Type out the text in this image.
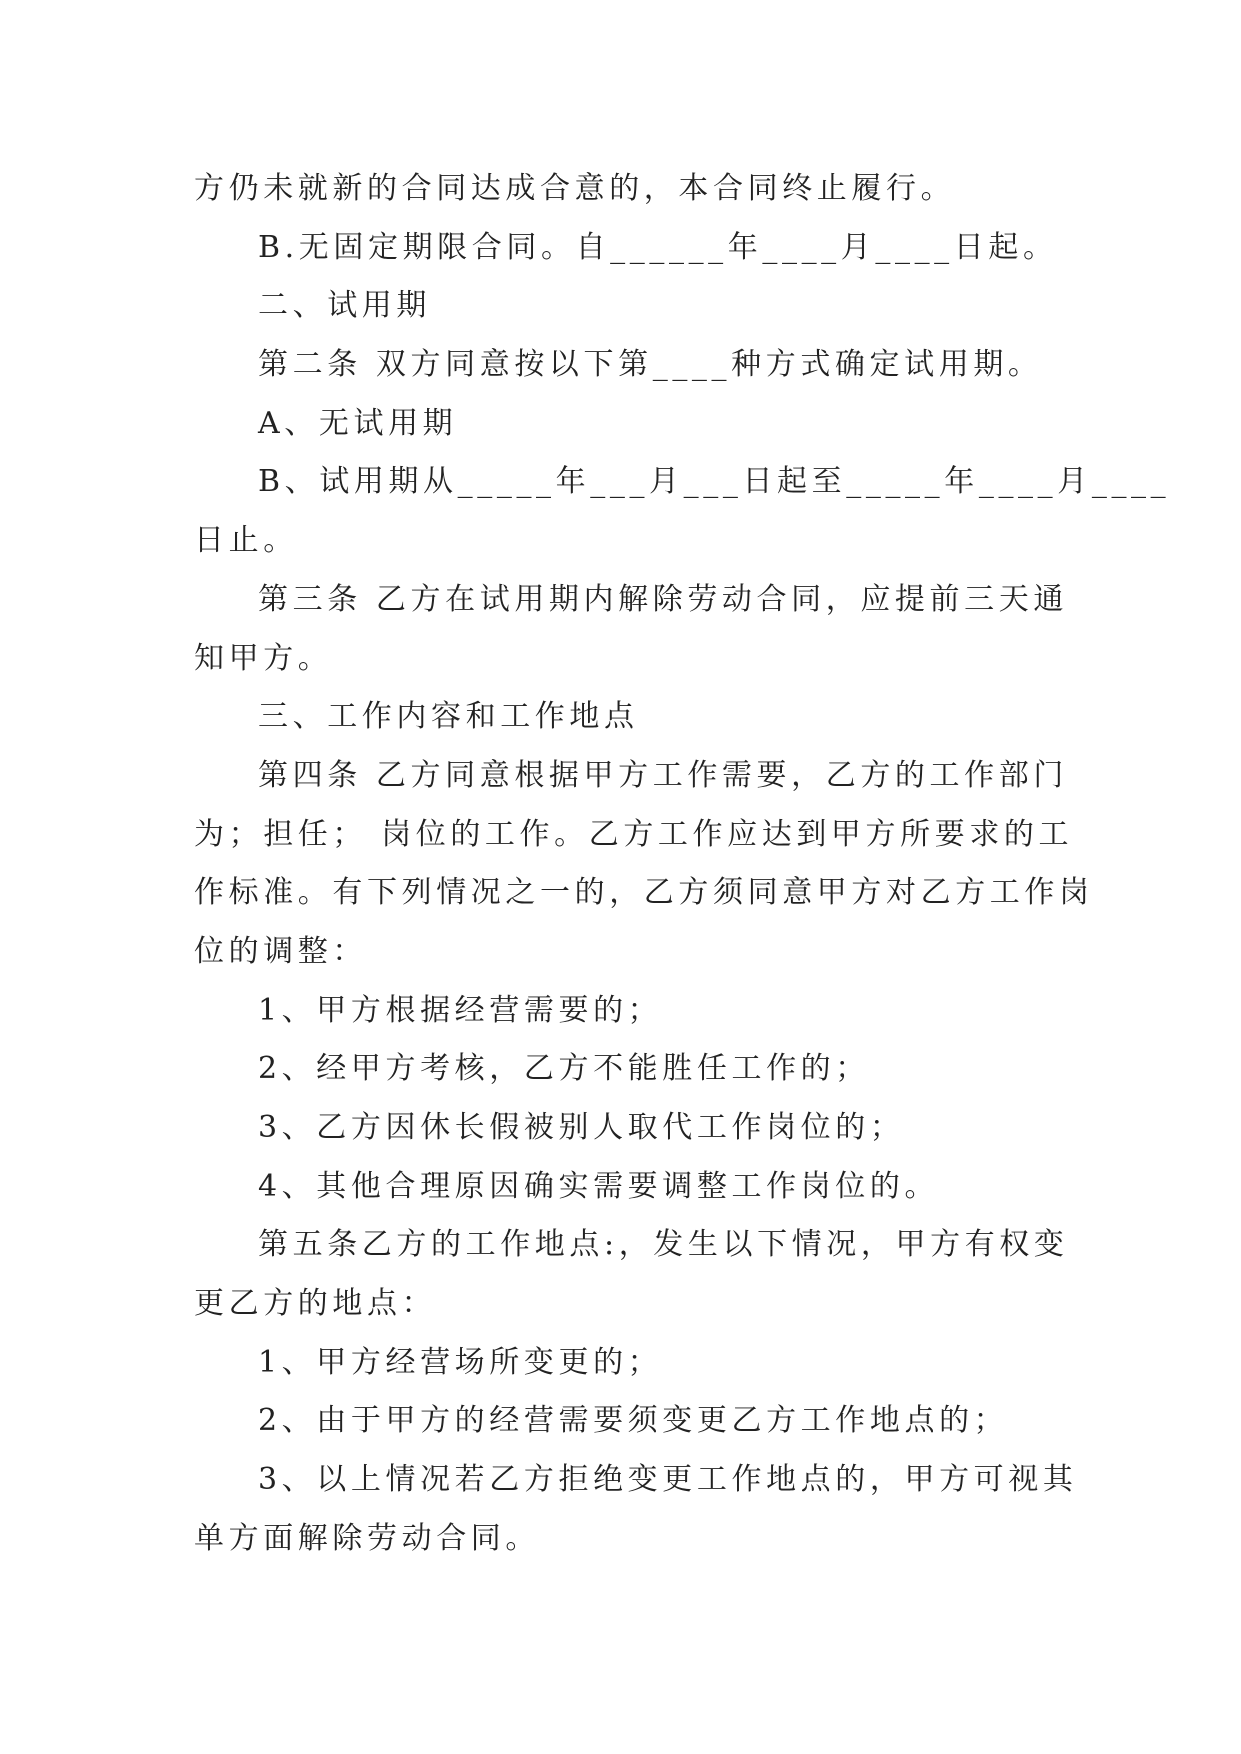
方仍未就新的合同达成合意的，本合同终止履行。
B.无固定期限合同。自______年____月____日起。
二、试用期
第二条 双方同意按以下第____种方式确定试用期。
A、无试用期
B、试用期从_____年___月___日起至_____年____月____
日止。
第三条 乙方在试用期内解除劳动合同，应提前三天通
知甲方。
三、工作内容和工作地点
第四条 乙方同意根据甲方工作需要，乙方的工作部门
为；担任； 岗位的工作。乙方工作应达到甲方所要求的工
作标准。有下列情况之一的，乙方须同意甲方对乙方工作岗
位的调整：
1、甲方根据经营需要的；
2、经甲方考核，乙方不能胜任工作的；
3、乙方因休长假被别人取代工作岗位的；
4、其他合理原因确实需要调整工作岗位的。
第五条乙方的工作地点:，发生以下情况，甲方有权变
更乙方的地点：
1、甲方经营场所变更的；
2、由于甲方的经营需要须变更乙方工作地点的；
3、以上情况若乙方拒绝变更工作地点的，甲方可视其
单方面解除劳动合同。
